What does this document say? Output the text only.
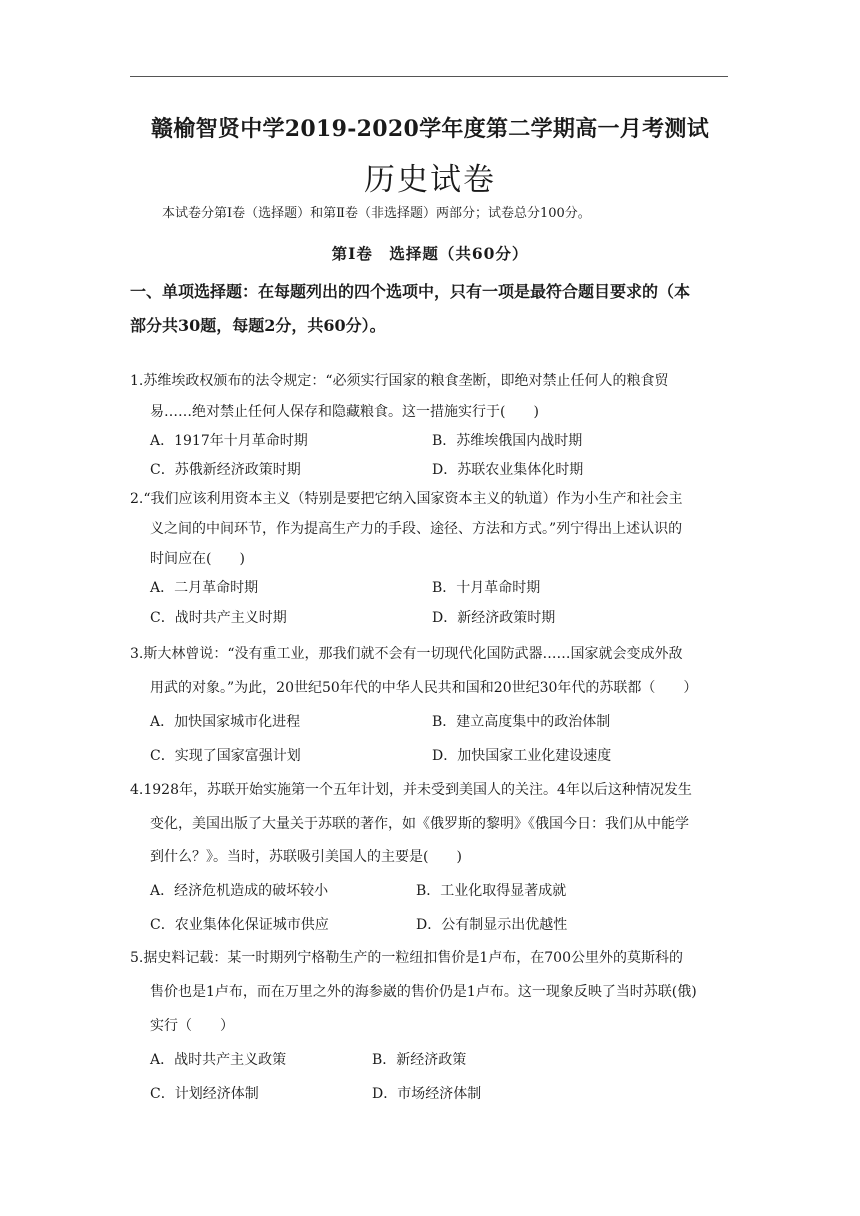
赣榆智贤中学2019-2020学年度第二学期高一月考测试
历史试卷
本试卷分第Ⅰ卷（选择题）和第Ⅱ卷（非选择题）两部分；试卷总分100分。
第Ⅰ卷　选择题（共60分）
一、单项选择题：在每题列出的四个选项中，只有一项是最符合题目要求的（本
部分共30题，每题2分，共60分）。
1.苏维埃政权颁布的法令规定：“必须实行国家的粮食垄断，即绝对禁止任何人的粮食贸
易……绝对禁止任何人保存和隐藏粮食。这一措施实行于(　　)
A．1917年十月革命时期	B．苏维埃俄国内战时期
C．苏俄新经济政策时期	D．苏联农业集体化时期
2.“我们应该利用资本主义（特别是要把它纳入国家资本主义的轨道）作为小生产和社会主
义之间的中间环节，作为提高生产力的手段、途径、方法和方式。”列宁得出上述认识的
时间应在(　　)
A．二月革命时期	B．十月革命时期
C．战时共产主义时期	D．新经济政策时期
3.斯大林曾说：“没有重工业，那我们就不会有一切现代化国防武器……国家就会变成外敌
用武的对象。”为此，20世纪50年代的中华人民共和国和20世纪30年代的苏联都（　　）
A．加快国家城市化进程	B．建立高度集中的政治体制
C．实现了国家富强计划	D．加快国家工业化建设速度
4.1928年，苏联开始实施第一个五年计划，并未受到美国人的关注。4年以后这种情况发生
变化，美国出版了大量关于苏联的著作，如《俄罗斯的黎明》《俄国今日：我们从中能学
到什么？》。当时，苏联吸引美国人的主要是(　　)
A．经济危机造成的破坏较小	B．工业化取得显著成就
C．农业集体化保证城市供应	D．公有制显示出优越性
5.据史料记载：某一时期列宁格勒生产的一粒纽扣售价是1卢布，在700公里外的莫斯科的
售价也是1卢布，而在万里之外的海参崴的售价仍是1卢布。这一现象反映了当时苏联(俄)
实行（　　）
A．战时共产主义政策	B．新经济政策
C．计划经济体制	D．市场经济体制
